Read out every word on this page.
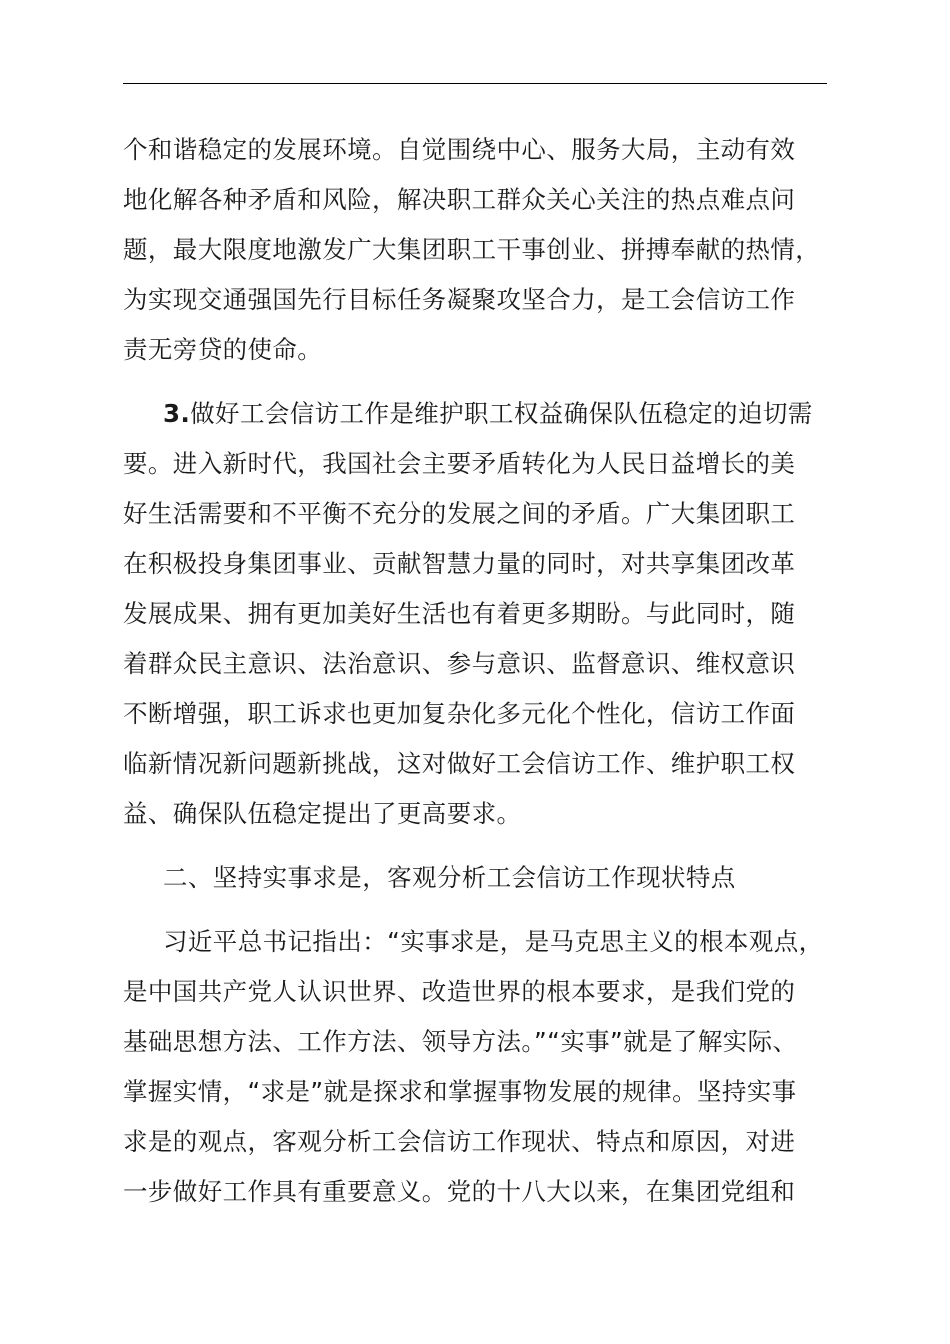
个和谐稳定的发展环境。自觉围绕中心、服务大局，主动有效
地化解各种矛盾和风险，解决职工群众关心关注的热点难点问
题，最大限度地激发广大集团职工干事创业、拼搏奉献的热情，
为实现交通强国先行目标任务凝聚攻坚合力，是工会信访工作
责无旁贷的使命。

3.做好工会信访工作是维护职工权益确保队伍稳定的迫切需
要。进入新时代，我国社会主要矛盾转化为人民日益增长的美
好生活需要和不平衡不充分的发展之间的矛盾。广大集团职工
在积极投身集团事业、贡献智慧力量的同时，对共享集团改革
发展成果、拥有更加美好生活也有着更多期盼。与此同时，随
着群众民主意识、法治意识、参与意识、监督意识、维权意识
不断增强，职工诉求也更加复杂化多元化个性化，信访工作面
临新情况新问题新挑战，这对做好工会信访工作、维护职工权
益、确保队伍稳定提出了更高要求。

二、坚持实事求是，客观分析工会信访工作现状特点

习近平总书记指出：“实事求是，是马克思主义的根本观点，
是中国共产党人认识世界、改造世界的根本要求，是我们党的
基础思想方法、工作方法、领导方法。”“实事”就是了解实际、
掌握实情，“求是”就是探求和掌握事物发展的规律。坚持实事
求是的观点，客观分析工会信访工作现状、特点和原因，对进
一步做好工作具有重要意义。党的十八大以来，在集团党组和
